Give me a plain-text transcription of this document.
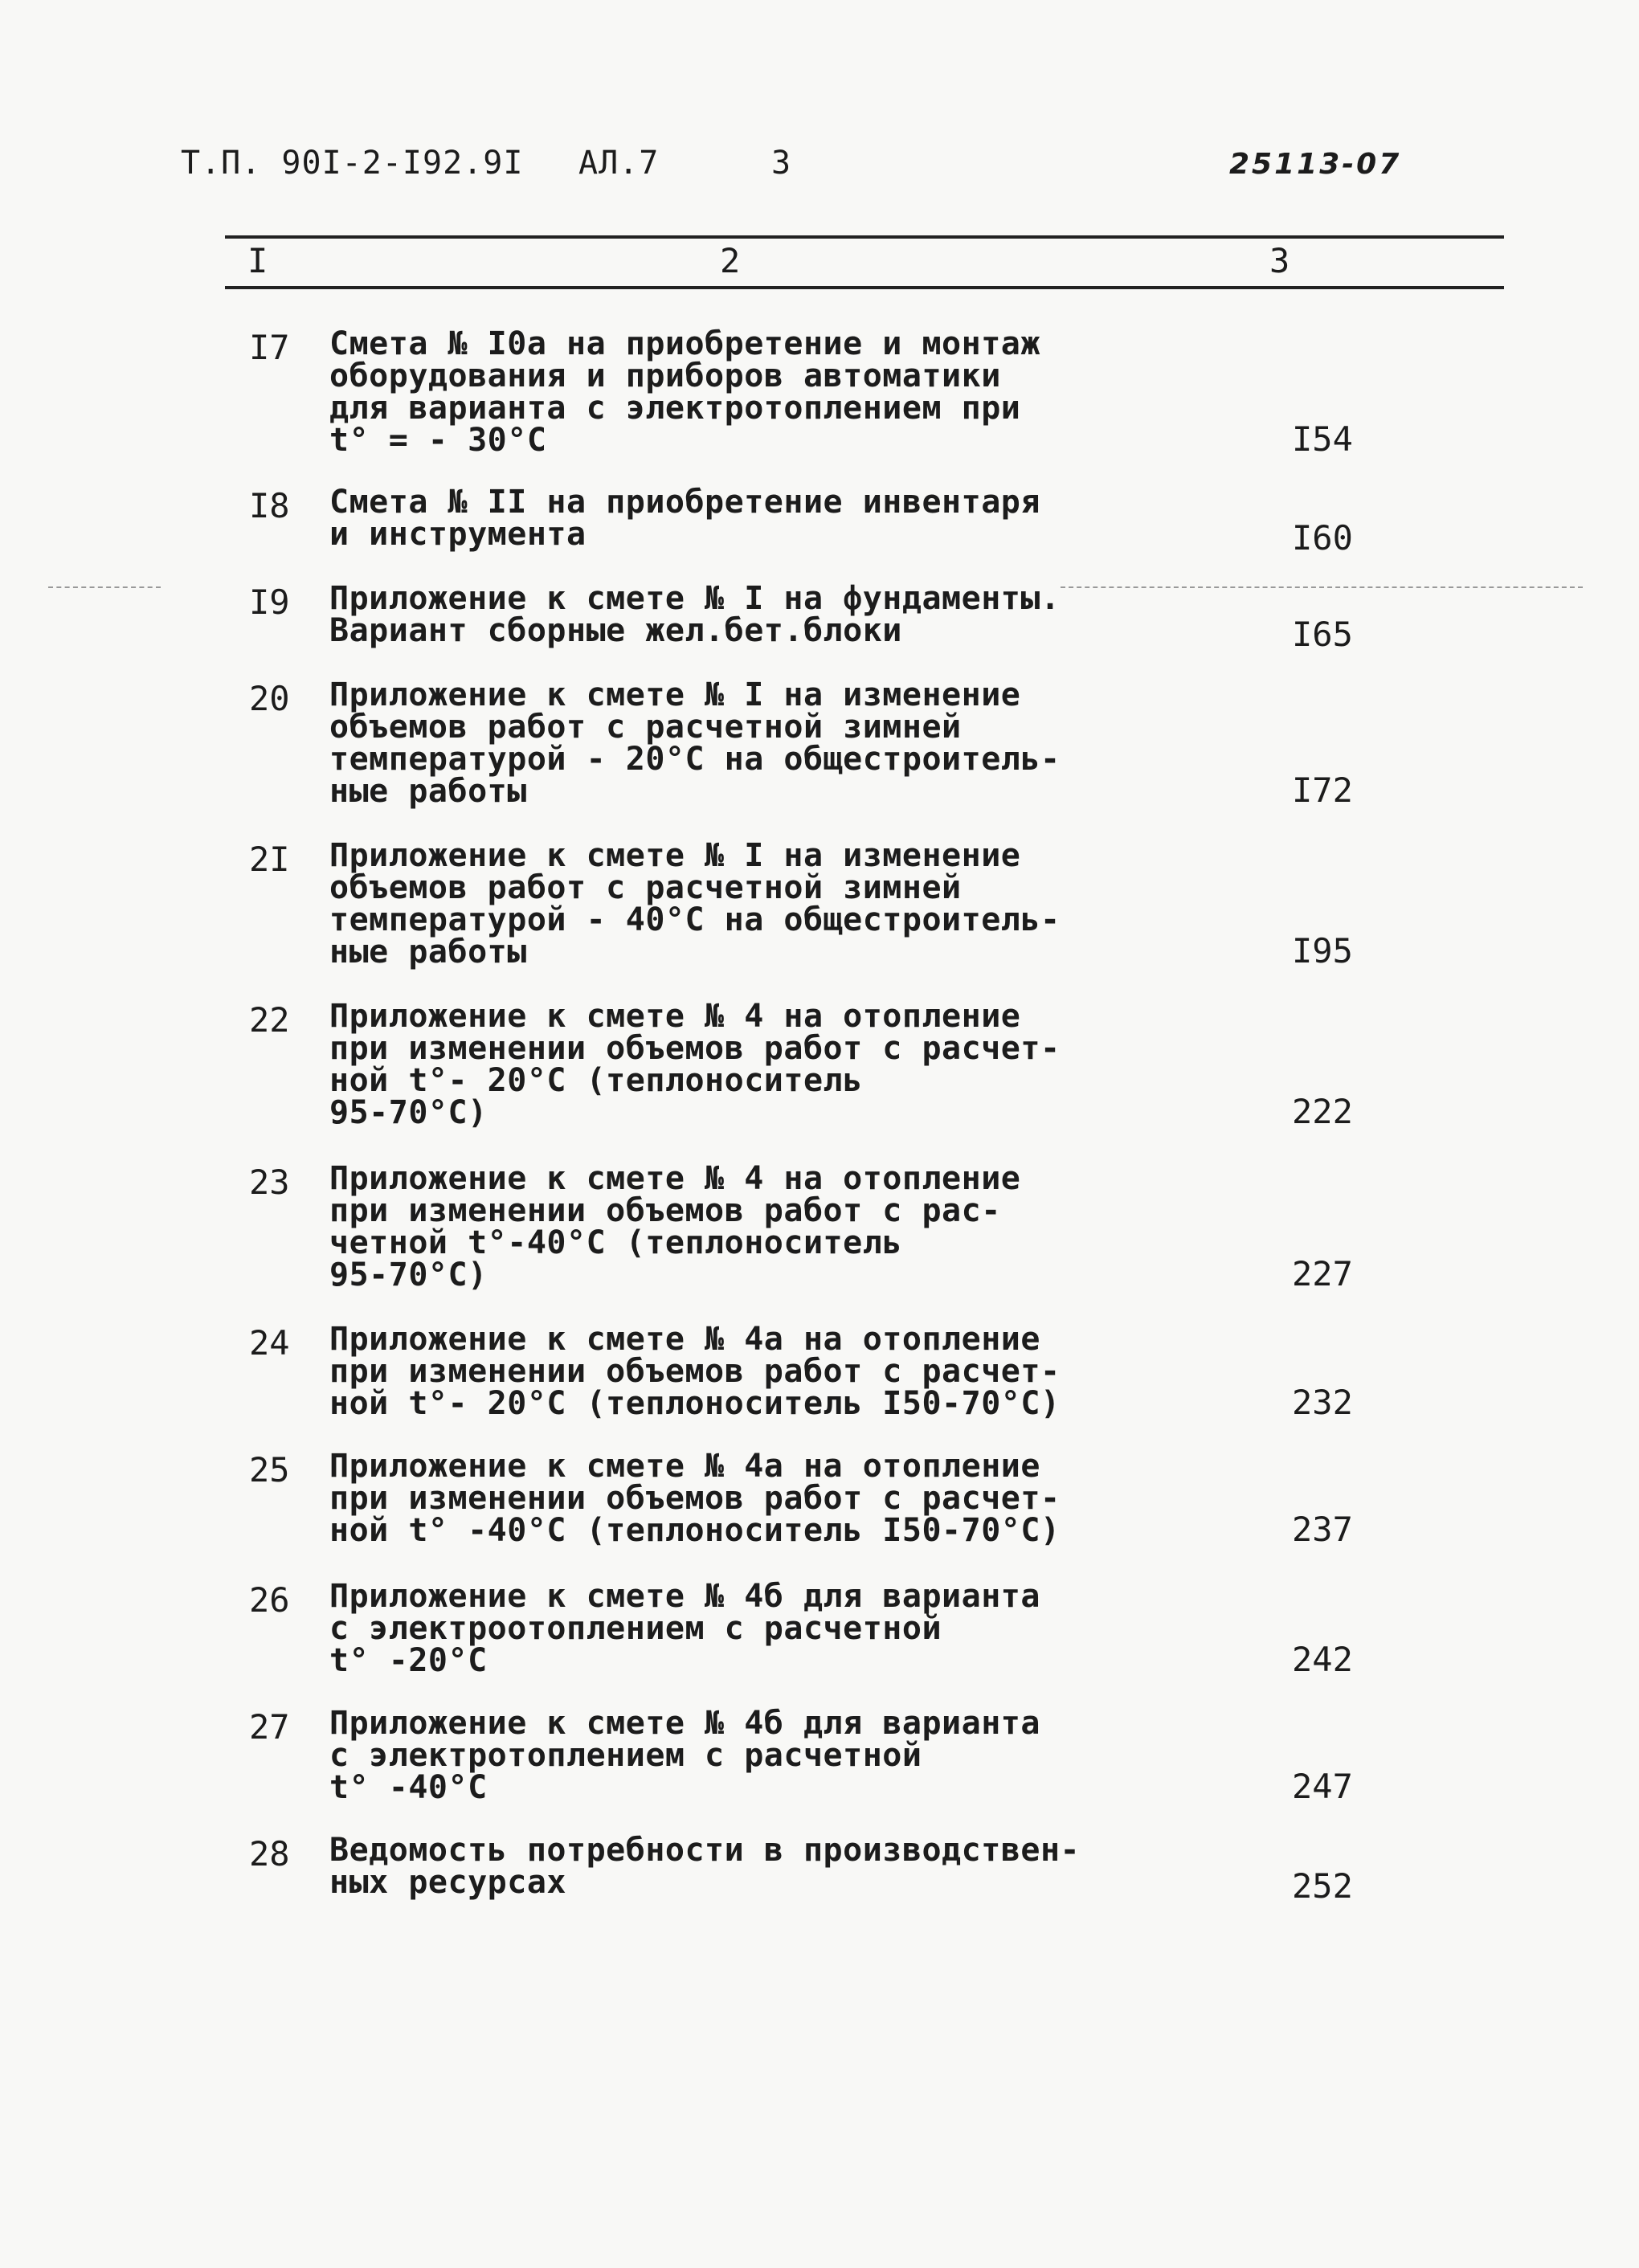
Т.П. 90I-2-I92.9I АЛ.7	3	25113-07
I	2	3
I7 Смета № I0а на приобретение и монтаж
оборудования и приборов автоматики
для варианта с электротоплением при
t° = - 30°С	I54
I8 Смета № II на приобретение инвентаря
и инструмента	I60
I9 Приложение к смете № I на фундаменты.
Вариант сборные жел.бет.блоки	I65
20 Приложение к смете № I на изменение
объемов работ с расчетной зимней
температурой - 20°С на общестроитель-
ные работы	I72
2I Приложение к смете № I на изменение
объемов работ с расчетной зимней
температурой - 40°С на общестроитель-
ные работы	I95
22 Приложение к смете № 4 на отопление
при изменении объемов работ с расчет-
ной t°- 20°С (теплоноситель
95-70°С)	222
23 Приложение к смете № 4 на отопление
при изменении объемов работ с рас-
четной t°-40°С (теплоноситель
95-70°С)	227
24 Приложение к смете № 4а на отопление
при изменении объемов работ с расчет-
ной t°- 20°С (теплоноситель I50-70°С)	232
25 Приложение к смете № 4а на отопление
при изменении объемов работ с расчет-
ной t° -40°С (теплоноситель I50-70°С)	237
26 Приложение к смете № 4б для варианта
с электроотоплением с расчетной
t° -20°С	242
27 Приложение к смете № 4б для варианта
с электротоплением с расчетной
t° -40°С	247
28 Ведомость потребности в производствен-
ных ресурсах	252
